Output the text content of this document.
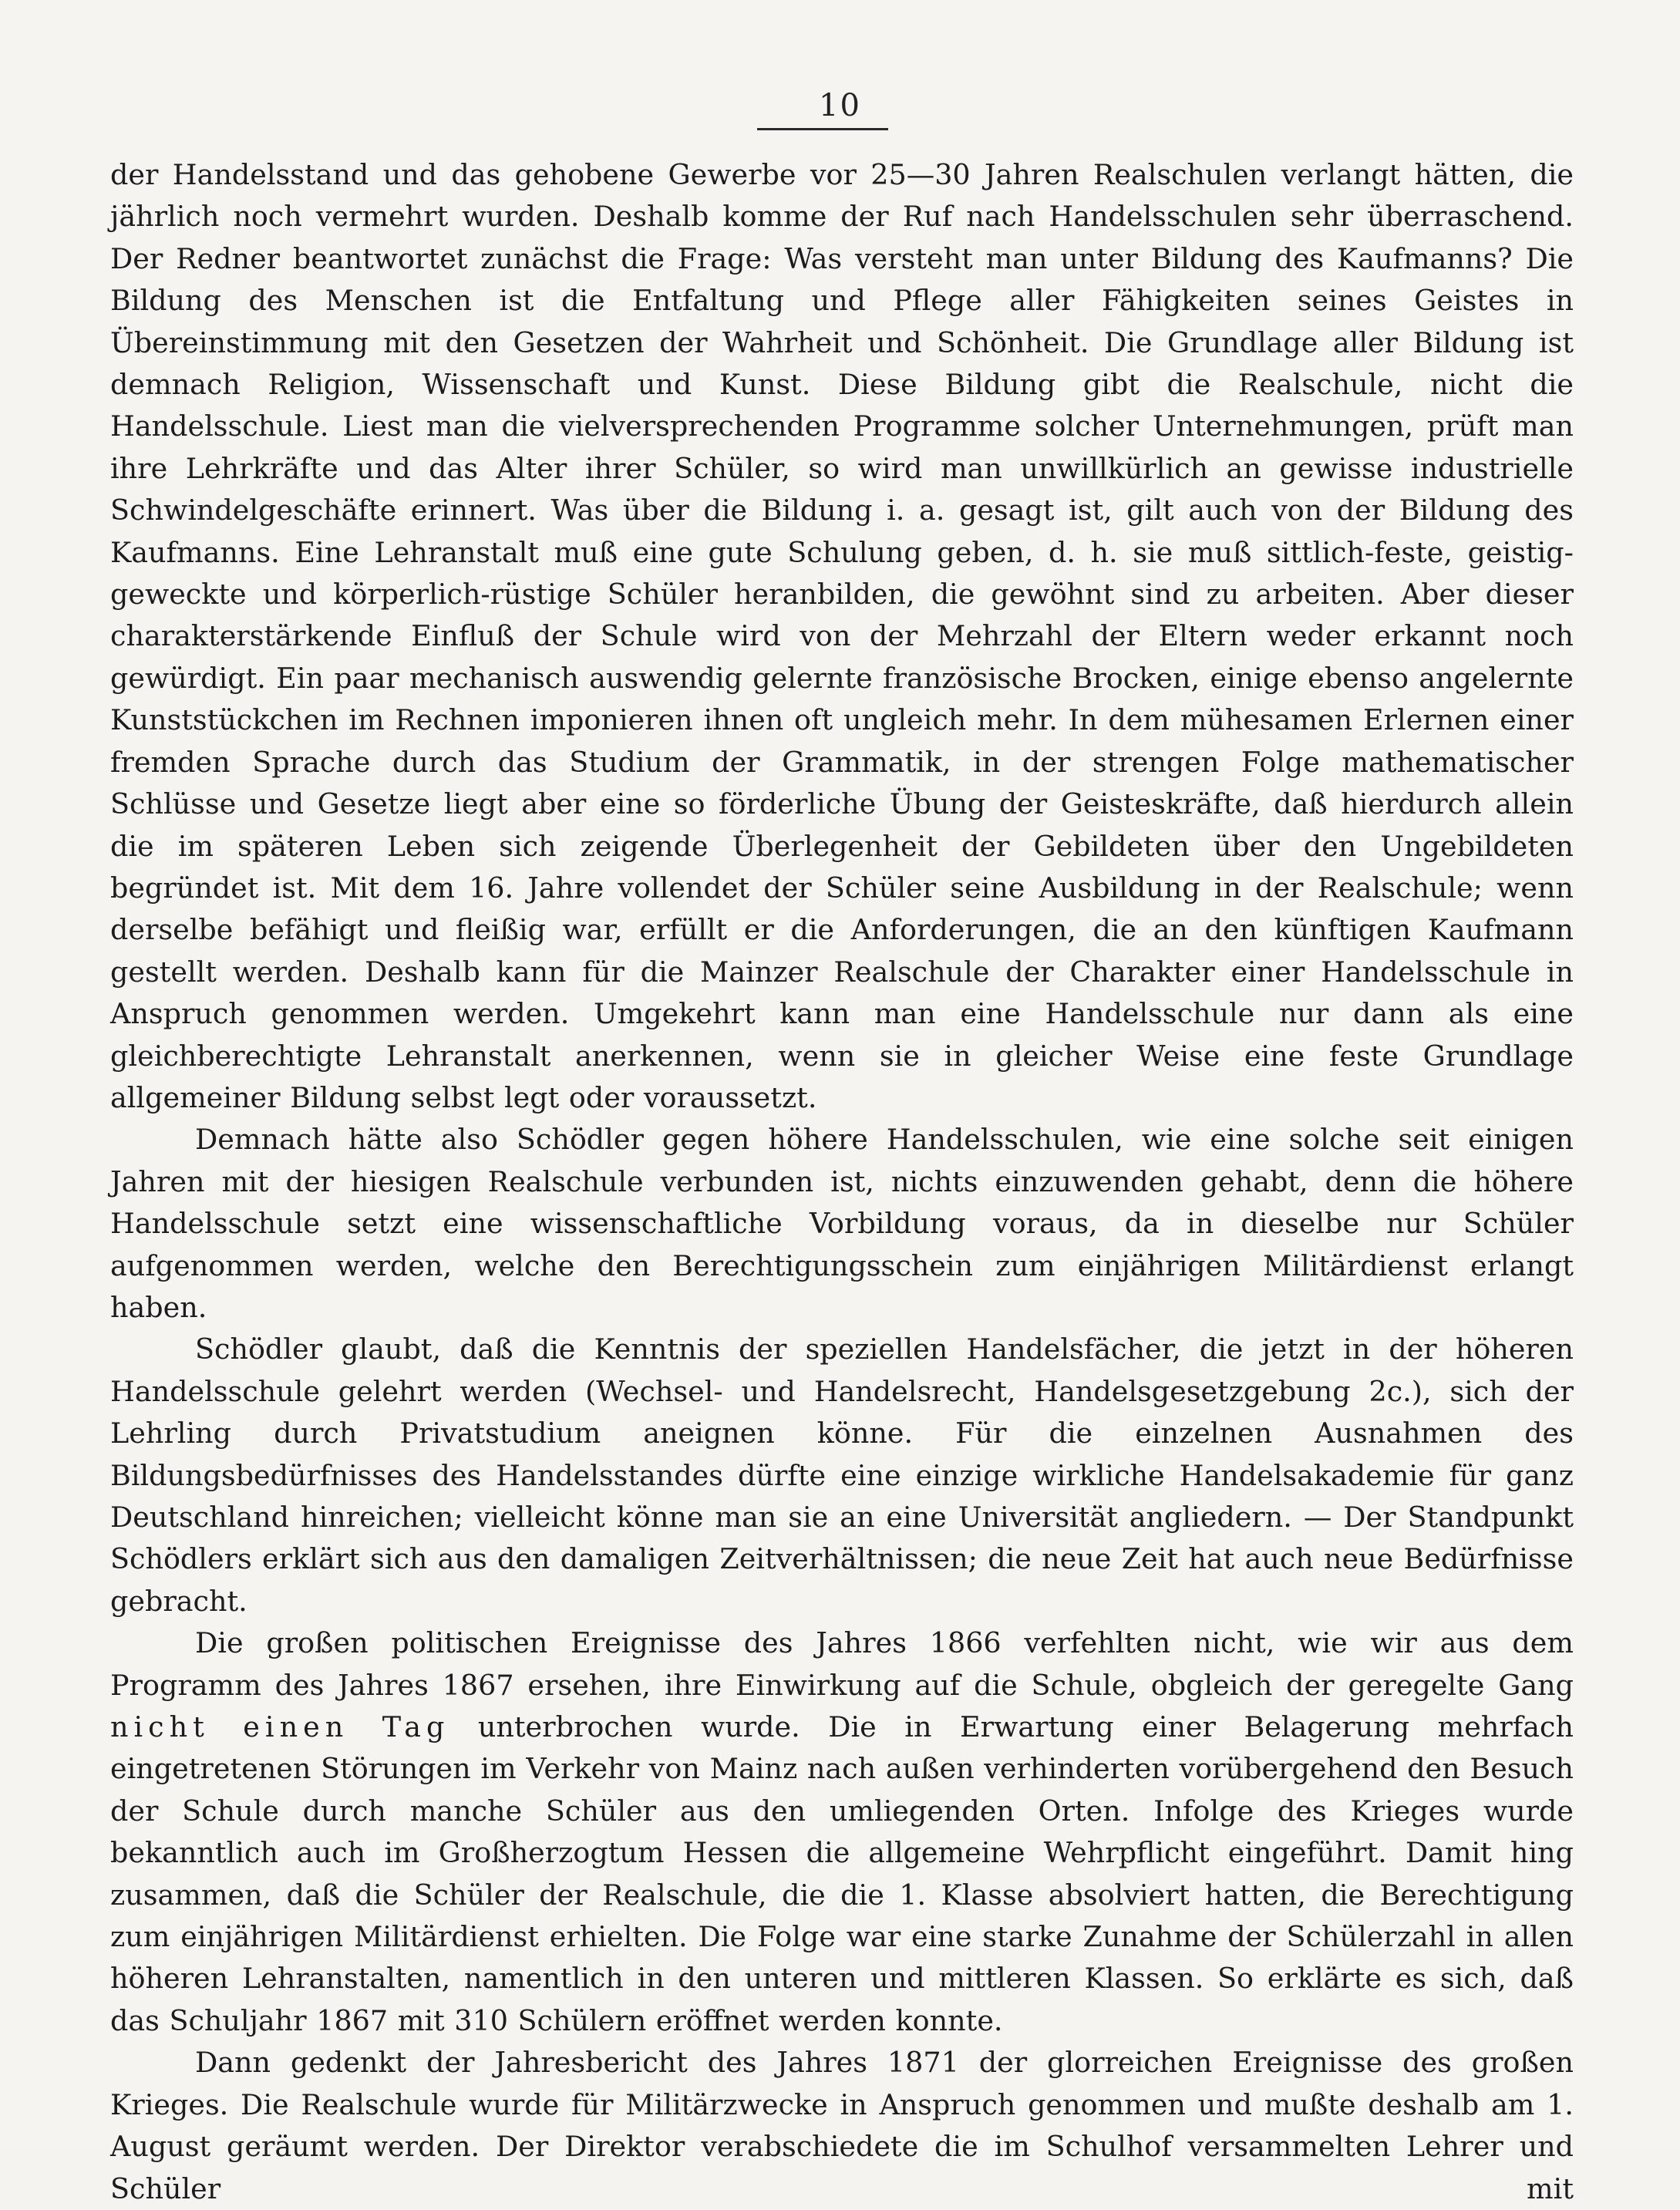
10

der Handelsstand und das gehobene Gewerbe vor 25—30 Jahren Realschulen verlangt hätten, die jährlich noch vermehrt wurden. Deshalb komme der Ruf nach Handelsschulen sehr überraschend. Der Redner beantwortet zunächst die Frage: Was versteht man unter Bildung des Kaufmanns? Die Bildung des Menschen ist die Entfaltung und Pflege aller Fähigkeiten seines Geistes in Übereinstimmung mit den Gesetzen der Wahrheit und Schönheit. Die Grundlage aller Bildung ist demnach Religion, Wissenschaft und Kunst. Diese Bildung gibt die Realschule, nicht die Handelsschule. Liest man die vielversprechenden Programme solcher Unternehmungen, prüft man ihre Lehrkräfte und das Alter ihrer Schüler, so wird man unwillkürlich an gewisse industrielle Schwindelgeschäfte erinnert. Was über die Bildung i. a. gesagt ist, gilt auch von der Bildung des Kaufmanns. Eine Lehranstalt muß eine gute Schulung geben, d. h. sie muß sittlich-feste, geistig-geweckte und körperlich-rüstige Schüler heranbilden, die gewöhnt sind zu arbeiten. Aber dieser charakterstärkende Einfluß der Schule wird von der Mehrzahl der Eltern weder erkannt noch gewürdigt. Ein paar mechanisch auswendig gelernte französische Brocken, einige ebenso angelernte Kunststückchen im Rechnen imponieren ihnen oft ungleich mehr. In dem mühesamen Erlernen einer fremden Sprache durch das Studium der Grammatik, in der strengen Folge mathematischer Schlüsse und Gesetze liegt aber eine so förderliche Übung der Geisteskräfte, daß hierdurch allein die im späteren Leben sich zeigende Überlegenheit der Gebildeten über den Ungebildeten begründet ist. Mit dem 16. Jahre vollendet der Schüler seine Ausbildung in der Realschule; wenn derselbe befähigt und fleißig war, erfüllt er die Anforderungen, die an den künftigen Kaufmann gestellt werden. Deshalb kann für die Mainzer Realschule der Charakter einer Handelsschule in Anspruch genommen werden. Umgekehrt kann man eine Handelsschule nur dann als eine gleichberechtigte Lehranstalt anerkennen, wenn sie in gleicher Weise eine feste Grundlage allgemeiner Bildung selbst legt oder voraussetzt.

Demnach hätte also Schödler gegen höhere Handelsschulen, wie eine solche seit einigen Jahren mit der hiesigen Realschule verbunden ist, nichts einzuwenden gehabt, denn die höhere Handelsschule setzt eine wissenschaftliche Vorbildung voraus, da in dieselbe nur Schüler aufgenommen werden, welche den Berechtigungsschein zum einjährigen Militärdienst erlangt haben.

Schödler glaubt, daß die Kenntnis der speziellen Handelsfächer, die jetzt in der höheren Handelsschule gelehrt werden (Wechsel- und Handelsrecht, Handelsgesetzgebung 2c.), sich der Lehrling durch Privatstudium aneignen könne. Für die einzelnen Ausnahmen des Bildungsbedürfnisses des Handelsstandes dürfte eine einzige wirkliche Handelsakademie für ganz Deutschland hinreichen; vielleicht könne man sie an eine Universität angliedern. — Der Standpunkt Schödlers erklärt sich aus den damaligen Zeitverhältnissen; die neue Zeit hat auch neue Bedürfnisse gebracht.

Die großen politischen Ereignisse des Jahres 1866 verfehlten nicht, wie wir aus dem Programm des Jahres 1867 ersehen, ihre Einwirkung auf die Schule, obgleich der geregelte Gang nicht einen Tag unterbrochen wurde. Die in Erwartung einer Belagerung mehrfach eingetretenen Störungen im Verkehr von Mainz nach außen verhinderten vorübergehend den Besuch der Schule durch manche Schüler aus den umliegenden Orten. Infolge des Krieges wurde bekanntlich auch im Großherzogtum Hessen die allgemeine Wehrpflicht eingeführt. Damit hing zusammen, daß die Schüler der Realschule, die die 1. Klasse absolviert hatten, die Berechtigung zum einjährigen Militärdienst erhielten. Die Folge war eine starke Zunahme der Schülerzahl in allen höheren Lehranstalten, namentlich in den unteren und mittleren Klassen. So erklärte es sich, daß das Schuljahr 1867 mit 310 Schülern eröffnet werden konnte.

Dann gedenkt der Jahresbericht des Jahres 1871 der glorreichen Ereignisse des großen Krieges. Die Realschule wurde für Militärzwecke in Anspruch genommen und mußte deshalb am 1. August geräumt werden. Der Direktor verabschiedete die im Schulhof versammelten Lehrer und Schüler mit
